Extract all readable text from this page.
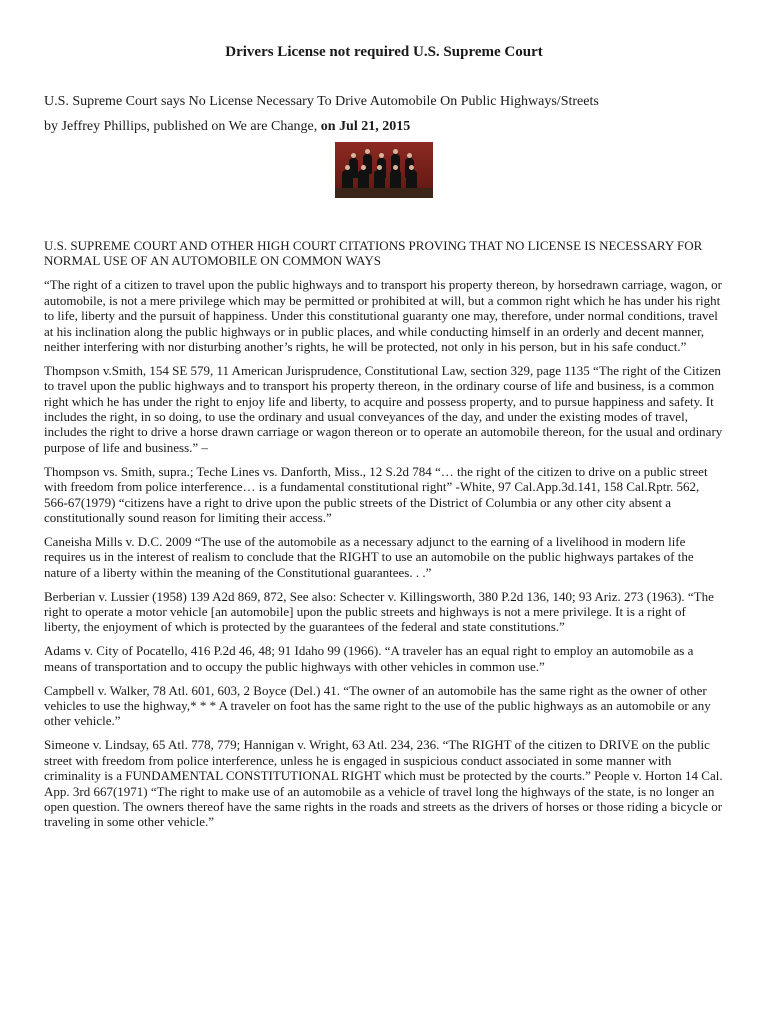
Drivers License not required U.S. Supreme Court
U.S. Supreme Court says No License Necessary To Drive Automobile On Public Highways/Streets
by Jeffrey Phillips, published on We are Change, on Jul 21, 2015

U.S. SUPREME COURT AND OTHER HIGH COURT CITATIONS PROVING THAT NO LICENSE IS NECESSARY FOR NORMAL USE OF AN AUTOMOBILE ON COMMON WAYS

“The right of a citizen to travel upon the public highways and to transport his property thereon, by horsedrawn carriage, wagon, or automobile, is not a mere privilege which may be permitted or prohibited at will, but a common right which he has under his right to life, liberty and the pursuit of happiness. Under this constitutional guaranty one may, therefore, under normal conditions, travel at his inclination along the public highways or in public places, and while conducting himself in an orderly and decent manner, neither interfering with nor disturbing another’s rights, he will be protected, not only in his person, but in his safe conduct.”

Thompson v.Smith, 154 SE 579, 11 American Jurisprudence, Constitutional Law, section 329, page 1135 “The right of the Citizen to travel upon the public highways and to transport his property thereon, in the ordinary course of life and business, is a common right which he has under the right to enjoy life and liberty, to acquire and possess property, and to pursue happiness and safety. It includes the right, in so doing, to use the ordinary and usual conveyances of the day, and under the existing modes of travel, includes the right to drive a horse drawn carriage or wagon thereon or to operate an automobile thereon, for the usual and ordinary purpose of life and business.” –

Thompson vs. Smith, supra.; Teche Lines vs. Danforth, Miss., 12 S.2d 784 “… the right of the citizen to drive on a public street with freedom from police interference… is a fundamental constitutional right” -White, 97 Cal.App.3d.141, 158 Cal.Rptr. 562, 566-67(1979) “citizens have a right to drive upon the public streets of the District of Columbia or any other city absent a constitutionally sound reason for limiting their access.”

Caneisha Mills v. D.C. 2009 “The use of the automobile as a necessary adjunct to the earning of a livelihood in modern life requires us in the interest of realism to conclude that the RIGHT to use an automobile on the public highways partakes of the nature of a liberty within the meaning of the Constitutional guarantees. . .”

Berberian v. Lussier (1958) 139 A2d 869, 872, See also: Schecter v. Killingsworth, 380 P.2d 136, 140; 93 Ariz. 273 (1963). “The right to operate a motor vehicle [an automobile] upon the public streets and highways is not a mere privilege. It is a right of liberty, the enjoyment of which is protected by the guarantees of the federal and state constitutions.”

Adams v. City of Pocatello, 416 P.2d 46, 48; 91 Idaho 99 (1966). “A traveler has an equal right to employ an automobile as a means of transportation and to occupy the public highways with other vehicles in common use.”

Campbell v. Walker, 78 Atl. 601, 603, 2 Boyce (Del.) 41. “The owner of an automobile has the same right as the owner of other vehicles to use the highway,* * * A traveler on foot has the same right to the use of the public highways as an automobile or any other vehicle.”

Simeone v. Lindsay, 65 Atl. 778, 779; Hannigan v. Wright, 63 Atl. 234, 236. “The RIGHT of the citizen to DRIVE on the public street with freedom from police interference, unless he is engaged in suspicious conduct associated in some manner with criminality is a FUNDAMENTAL CONSTITUTIONAL RIGHT which must be protected by the courts.” People v. Horton 14 Cal. App. 3rd 667(1971) “The right to make use of an automobile as a vehicle of travel long the highways of the state, is no longer an open question. The owners thereof have the same rights in the roads and streets as the drivers of horses or those riding a bicycle or traveling in some other vehicle.”
